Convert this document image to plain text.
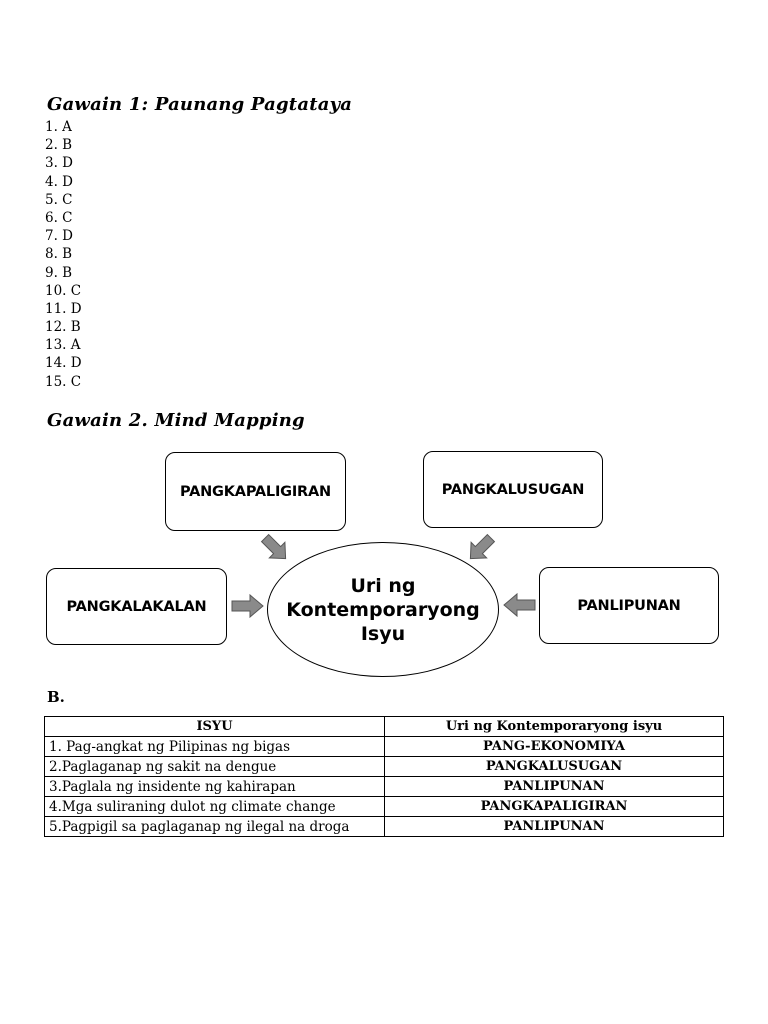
Gawain 1: Paunang Pagtataya
1. A
2. B
3. D
4. D
5. C
6. C
7. D
8. B
9. B
10. C
11. D
12. B
13. A
14. D
15. C
Gawain 2. Mind Mapping
PANGKAPALIGIRAN	PANGKALUSUGAN
PANGKALAKALAN	PANLIPUNAN
Uri ng
Kontemporaryong
Isyu
B.
ISYU	Uri ng Kontemporaryong isyu
1. Pag-angkat ng Pilipinas ng bigas	PANG-EKONOMIYA
2.Paglaganap ng sakit na dengue	PANGKALUSUGAN
3.Paglala ng insidente ng kahirapan	PANLIPUNAN
4.Mga suliraning dulot ng climate change	PANGKAPALIGIRAN
5.Pagpigil sa paglaganap ng ilegal na droga	PANLIPUNAN
